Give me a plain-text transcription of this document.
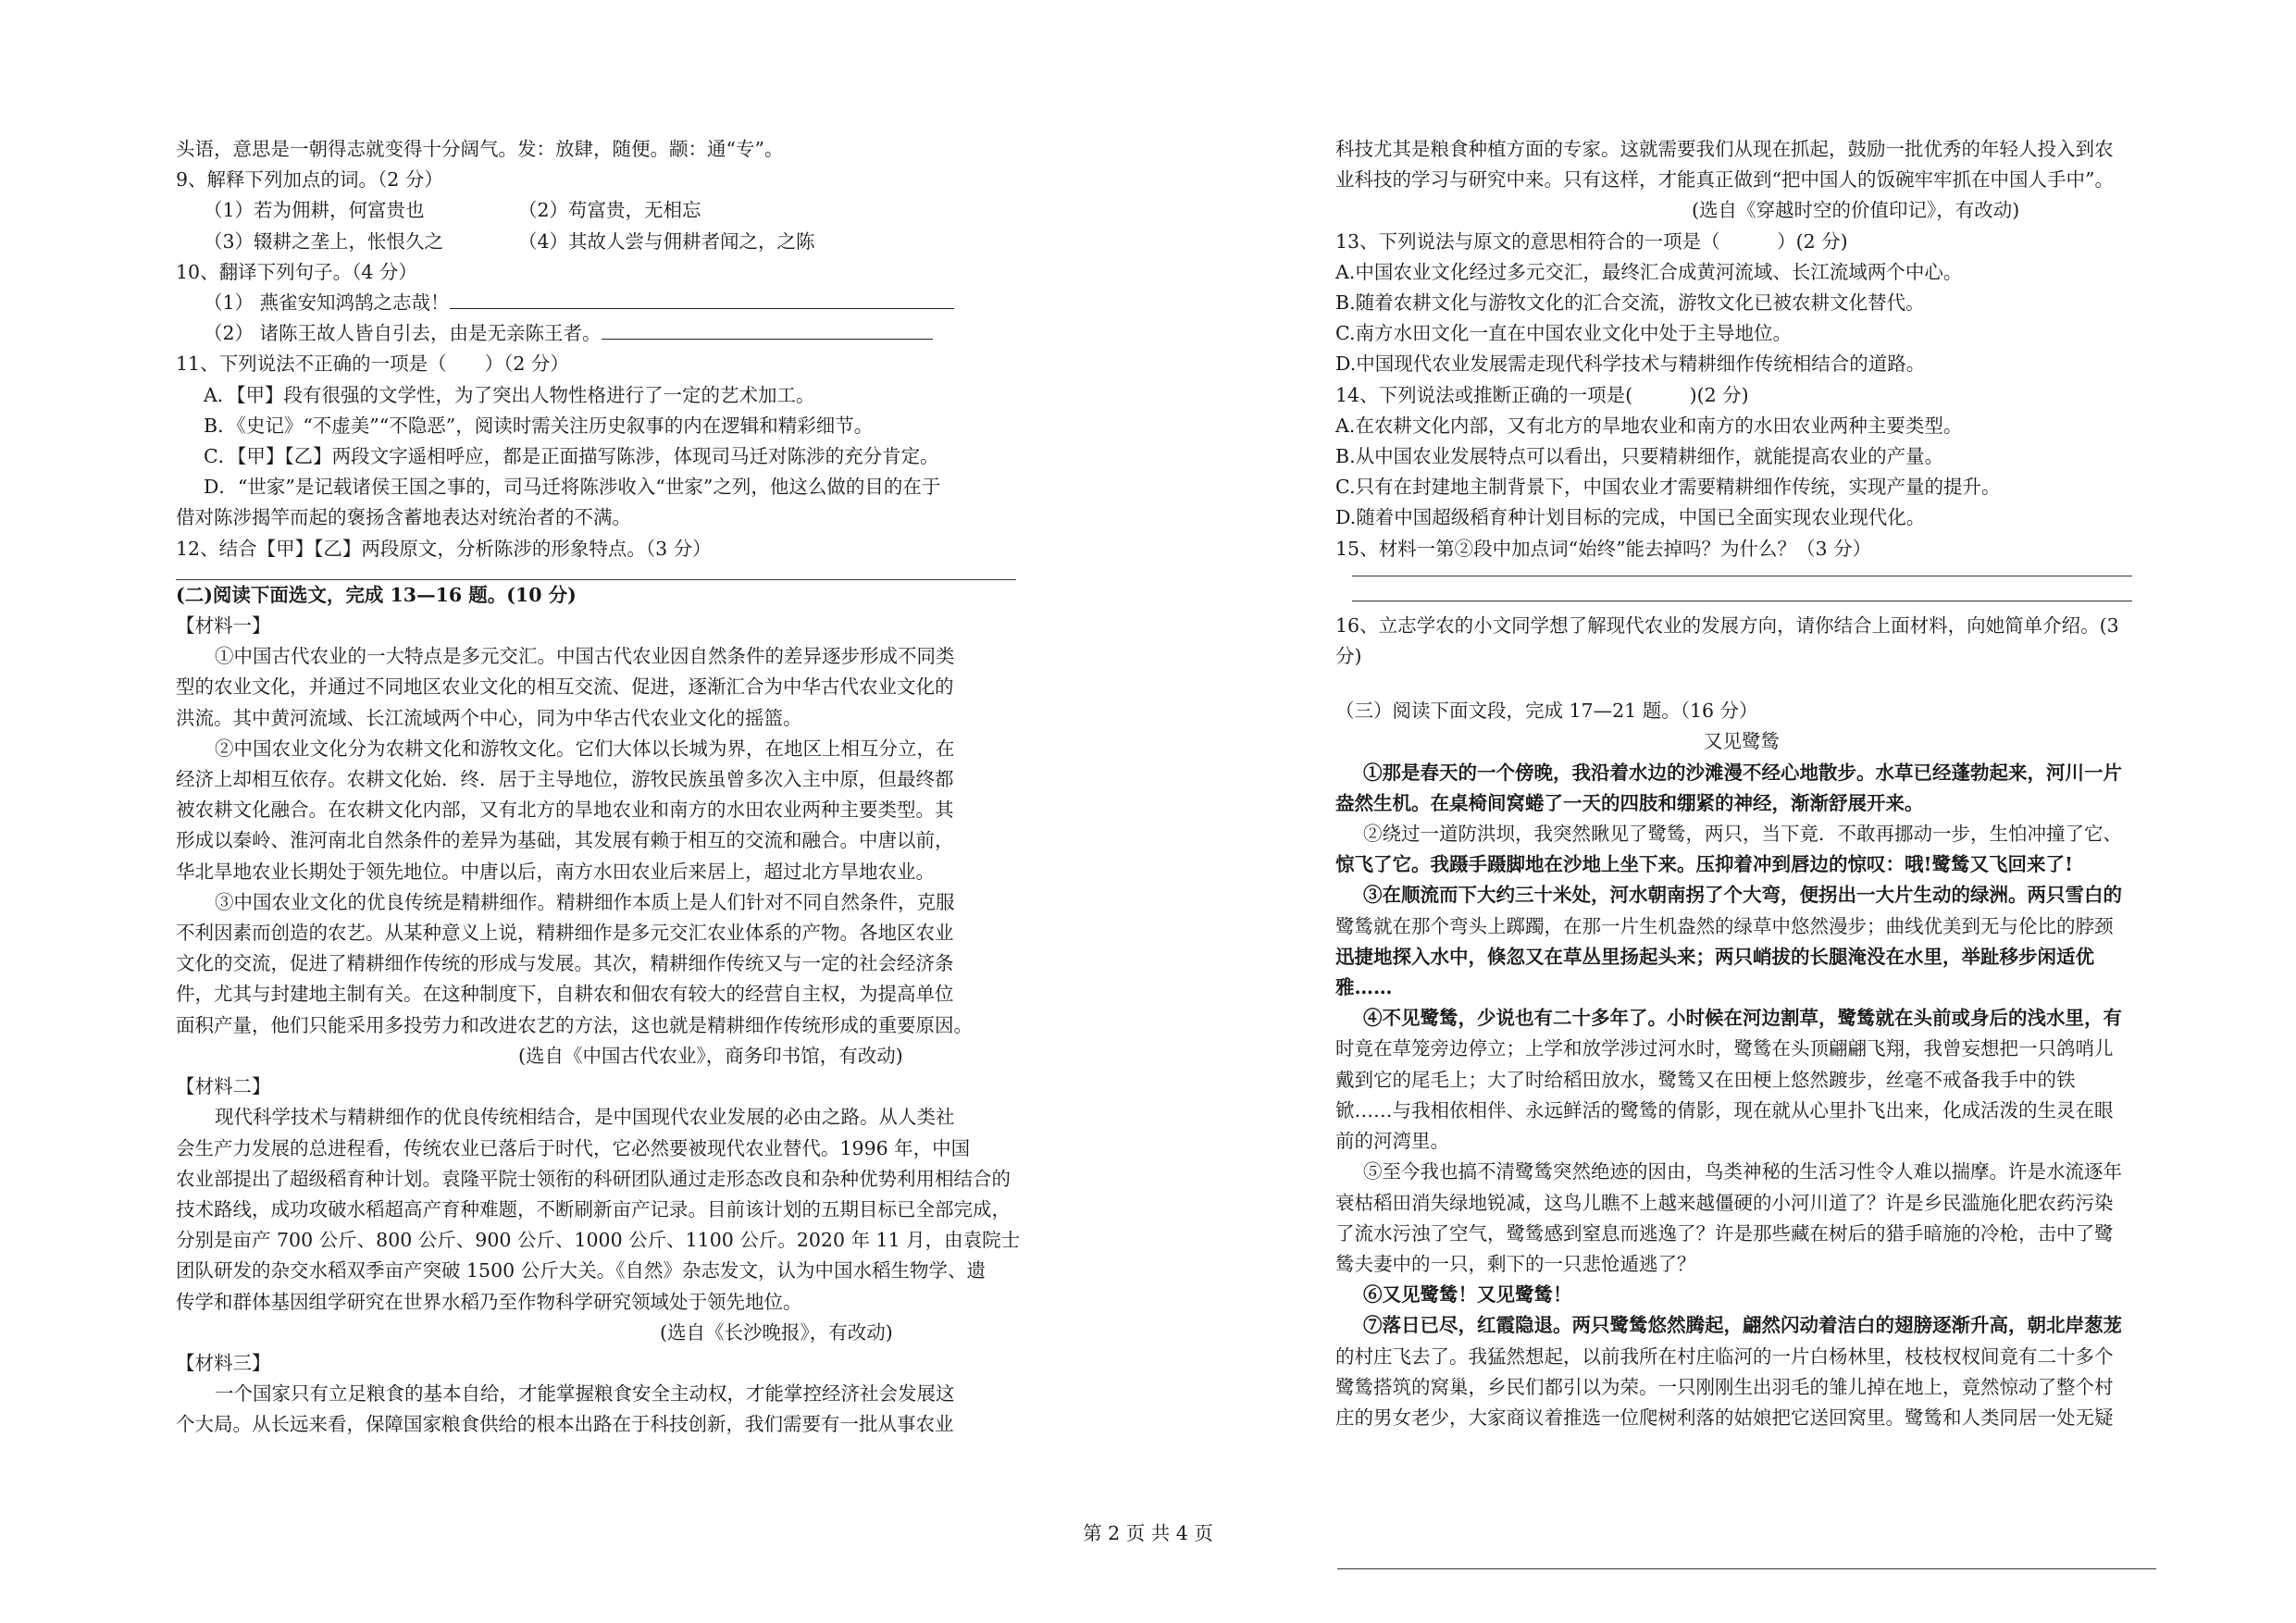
头语，意思是一朝得志就变得十分阔气。发：放肆，随便。颛：通“专”。
9、解释下列加点的词。（2 分）
（1）若为佣耕，何富贵也	（2）苟富贵，无相忘
（3）辍耕之垄上，怅恨久之	（4）其故人尝与佣耕者闻之，之陈
10、翻译下列句子。（4 分）
（1） 燕雀安知鸿鹄之志哉！
（2） 诸陈王故人皆自引去，由是无亲陈王者。
11、下列说法不正确的一项是（　　）（2 分）
A．【甲】段有很强的文学性，为了突出人物性格进行了一定的艺术加工。
B．《史记》“不虚美”“不隐恶”，阅读时需关注历史叙事的内在逻辑和精彩细节。
C．【甲】【乙】两段文字遥相呼应，都是正面描写陈涉，体现司马迁对陈涉的充分肯定。
D．“世家”是记载诸侯王国之事的，司马迁将陈涉收入“世家”之列，他这么做的目的在于
借对陈涉揭竿而起的褒扬含蓄地表达对统治者的不满。
12、结合【甲】【乙】两段原文，分析陈涉的形象特点。（3 分）
(二)阅读下面选文，完成 13—16 题。(10 分)
【材料一】
①中国古代农业的一大特点是多元交汇。中国古代农业因自然条件的差异逐步形成不同类
型的农业文化，并通过不同地区农业文化的相互交流、促进，逐渐汇合为中华古代农业文化的
洪流。其中黄河流域、长江流域两个中心，同为中华古代农业文化的摇篮。
②中国农业文化分为农耕文化和游牧文化。它们大体以长城为界，在地区上相互分立，在
经济上却相互依存。农耕文化始．终．居于主导地位，游牧民族虽曾多次入主中原，但最终都
被农耕文化融合。在农耕文化内部，又有北方的旱地农业和南方的水田农业两种主要类型。其
形成以秦岭、淮河南北自然条件的差异为基础，其发展有赖于相互的交流和融合。中唐以前，
华北旱地农业长期处于领先地位。中唐以后，南方水田农业后来居上，超过北方旱地农业。
③中国农业文化的优良传统是精耕细作。精耕细作本质上是人们针对不同自然条件，克服
不利因素而创造的农艺。从某种意义上说，精耕细作是多元交汇农业体系的产物。各地区农业
文化的交流，促进了精耕细作传统的形成与发展。其次，精耕细作传统又与一定的社会经济条
件，尤其与封建地主制有关。在这种制度下，自耕农和佃农有较大的经营自主权，为提高单位
面积产量，他们只能采用多投劳力和改进农艺的方法，这也就是精耕细作传统形成的重要原因。
(选自《中国古代农业》，商务印书馆，有改动)
【材料二】
现代科学技术与精耕细作的优良传统相结合，是中国现代农业发展的必由之路。从人类社
会生产力发展的总进程看，传统农业已落后于时代，它必然要被现代农业替代。1996 年，中国
农业部提出了超级稻育种计划。袁隆平院士领衔的科研团队通过走形态改良和杂种优势利用相结合的
技术路线，成功攻破水稻超高产育种难题，不断刷新亩产记录。目前该计划的五期目标已全部完成，
分别是亩产 700 公斤、800 公斤、900 公斤、1000 公斤、1100 公斤。2020 年 11 月，由袁院士
团队研发的杂交水稻双季亩产突破 1500 公斤大关。《自然》杂志发文，认为中国水稻生物学、遗
传学和群体基因组学研究在世界水稻乃至作物科学研究领域处于领先地位。
(选自《长沙晚报》，有改动)
【材料三】
一个国家只有立足粮食的基本自给，才能掌握粮食安全主动权，才能掌控经济社会发展这
个大局。从长远来看，保障国家粮食供给的根本出路在于科技创新，我们需要有一批从事农业
科技尤其是粮食种植方面的专家。这就需要我们从现在抓起，鼓励一批优秀的年轻人投入到农
业科技的学习与研究中来。只有这样，才能真正做到“把中国人的饭碗牢牢抓在中国人手中”。
(选自《穿越时空的价值印记》，有改动)
13、下列说法与原文的意思相符合的一项是（　　　）(2 分)
A.中国农业文化经过多元交汇，最终汇合成黄河流域、长江流域两个中心。
B.随着农耕文化与游牧文化的汇合交流，游牧文化已被农耕文化替代。
C.南方水田文化一直在中国农业文化中处于主导地位。
D.中国现代农业发展需走现代科学技术与精耕细作传统相结合的道路。
14、下列说法或推断正确的一项是(　　　)(2 分)
A.在农耕文化内部，又有北方的旱地农业和南方的水田农业两种主要类型。
B.从中国农业发展特点可以看出，只要精耕细作，就能提高农业的产量。
C.只有在封建地主制背景下，中国农业才需要精耕细作传统，实现产量的提升。
D.随着中国超级稻育种计划目标的完成，中国已全面实现农业现代化。
15、材料一第②段中加点词“始终”能去掉吗？为什么？（3 分）
16、立志学农的小文同学想了解现代农业的发展方向，请你结合上面材料，向她简单介绍。(3
分)
（三）阅读下面文段，完成 17—21 题。（16 分）
又见鹭鸶
①那是春天的一个傍晚，我沿着水边的沙滩漫不经心地散步。水草已经蓬勃起来，河川一片
盎然生机。在桌椅间窝蜷了一天的四肢和绷紧的神经，渐渐舒展开来。
②绕过一道防洪坝，我突然瞅见了鹭鸶，两只，当下竟．不敢再挪动一步，生怕冲撞了它、
惊飞了它。我蹑手蹑脚地在沙地上坐下来。压抑着冲到唇边的惊叹：哦!鹭鸶又飞回来了!
③在顺流而下大约三十米处，河水朝南拐了个大弯，便拐出一大片生动的绿洲。两只雪白的
鹭鸶就在那个弯头上踯躅，在那一片生机盎然的绿草中悠然漫步；曲线优美到无与伦比的脖颈
迅捷地探入水中，倏忽又在草丛里扬起头来；两只峭拔的长腿淹没在水里，举趾移步闲适优
雅……
④不见鹭鸶，少说也有二十多年了。小时候在河边割草，鹭鸶就在头前或身后的浅水里，有
时竟在草笼旁边停立；上学和放学涉过河水时，鹭鸶在头顶翩翩飞翔，我曾妄想把一只鸽哨儿
戴到它的尾毛上；大了时给稻田放水，鹭鸶又在田梗上悠然踱步，丝毫不戒备我手中的铁
锨……与我相依相伴、永远鲜活的鹭鸶的倩影，现在就从心里扑飞出来，化成活泼的生灵在眼
前的河湾里。
⑤至今我也搞不清鹭鸶突然绝迹的因由，鸟类神秘的生活习性令人难以揣摩。许是水流逐年
衰枯稻田消失绿地锐减，这鸟儿瞧不上越来越僵硬的小河川道了？许是乡民滥施化肥农药污染
了流水污浊了空气，鹭鸶感到窒息而逃逸了？许是那些藏在树后的猎手暗施的冷枪，击中了鹭
鸶夫妻中的一只，剩下的一只悲怆遁逃了？
⑥又见鹭鸶！又见鹭鸶！
⑦落日已尽，红霞隐退。两只鹭鸶悠然腾起，翩然闪动着洁白的翅膀逐渐升高，朝北岸葱茏
的村庄飞去了。我猛然想起，以前我所在村庄临河的一片白杨林里，枝枝杈杈间竟有二十多个
鹭鸶搭筑的窝巢，乡民们都引以为荣。一只刚刚生出羽毛的雏儿掉在地上，竟然惊动了整个村
庄的男女老少，大家商议着推选一位爬树利落的姑娘把它送回窝里。鹭鸶和人类同居一处无疑
第 2 页 共 4 页
